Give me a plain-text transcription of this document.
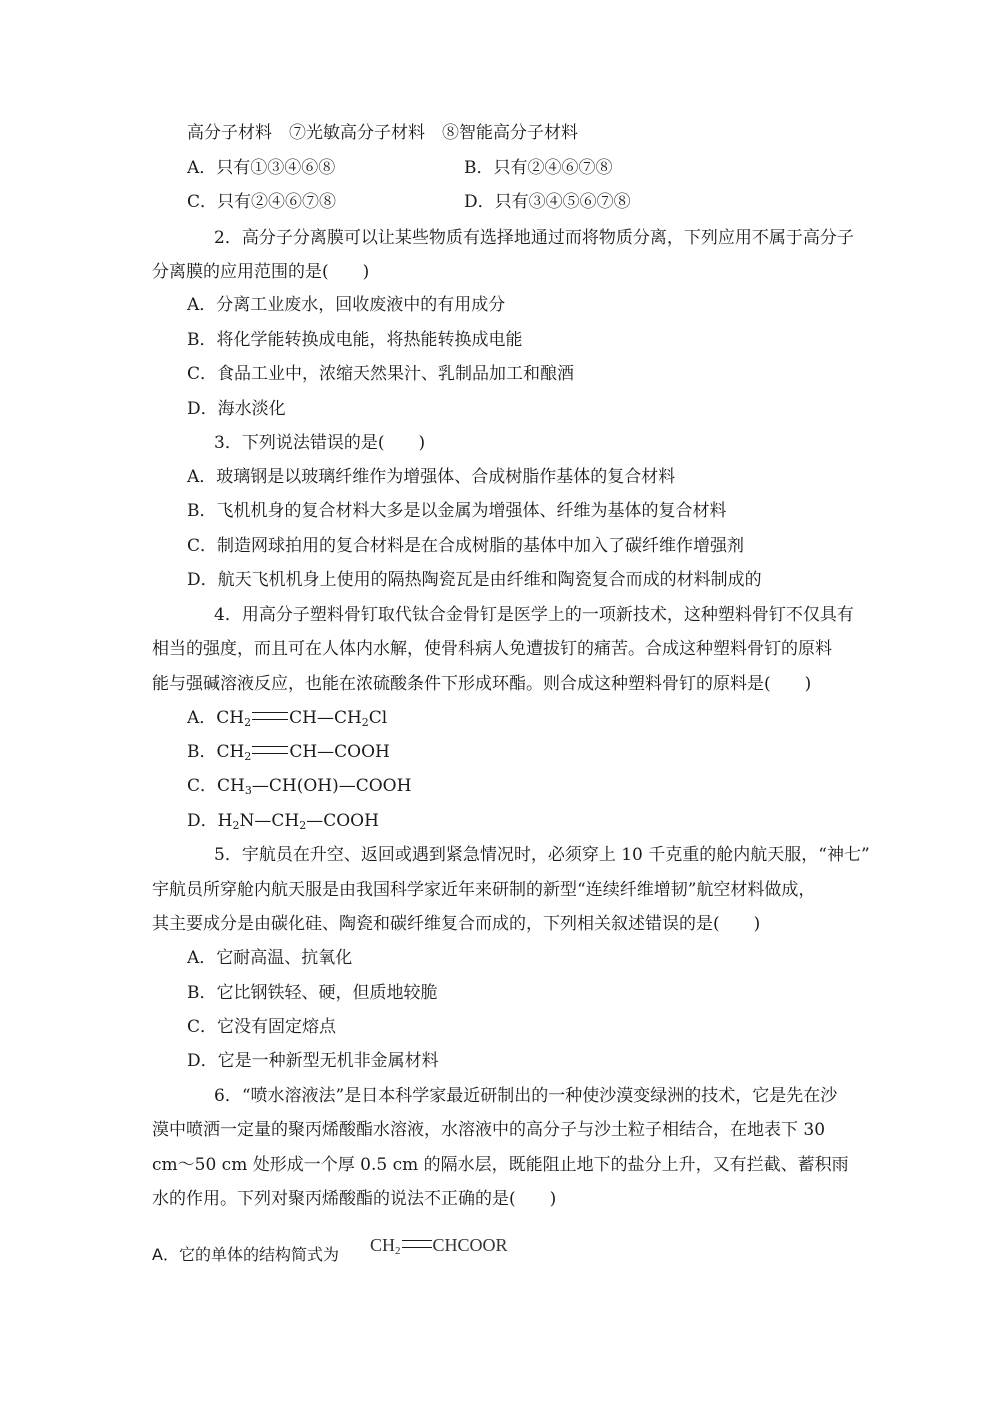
高分子材料　⑦光敏高分子材料　⑧智能高分子材料
A．只有①③④⑥⑧	B．只有②④⑥⑦⑧
C．只有②④⑥⑦⑧	D．只有③④⑤⑥⑦⑧
2．高分子分离膜可以让某些物质有选择地通过而将物质分离，下列应用不属于高分子
分离膜的应用范围的是(　　)
A．分离工业废水，回收废液中的有用成分
B．将化学能转换成电能，将热能转换成电能
C．食品工业中，浓缩天然果汁、乳制品加工和酿酒
D．海水淡化
3．下列说法错误的是(　　)
A．玻璃钢是以玻璃纤维作为增强体、合成树脂作基体的复合材料
B．飞机机身的复合材料大多是以金属为增强体、纤维为基体的复合材料
C．制造网球拍用的复合材料是在合成树脂的基体中加入了碳纤维作增强剂
D．航天飞机机身上使用的隔热陶瓷瓦是由纤维和陶瓷复合而成的材料制成的
4．用高分子塑料骨钉取代钛合金骨钉是医学上的一项新技术，这种塑料骨钉不仅具有
相当的强度，而且可在人体内水解，使骨科病人免遭拔钉的痛苦。合成这种塑料骨钉的原料
能与强碱溶液反应，也能在浓硫酸条件下形成环酯。则合成这种塑料骨钉的原料是(　　)
A．$CH_2$ $CH—CH_2Cl$
B．$CH_2$ CH—COOH
C．$CH_3—CH(OH)—COOH$
D．$H_2N—CH_2—COOH$
5．宇航员在升空、返回或遇到紧急情况时，必须穿上 10 千克重的舱内航天服，“神七”
宇航员所穿舱内航天服是由我国科学家近年来研制的新型“连续纤维增韧”航空材料做成，
其主要成分是由碳化硅、陶瓷和碳纤维复合而成的，下列相关叙述错误的是(　　)
A．它耐高温、抗氧化
B．它比钢铁轻、硬，但质地较脆
C．它没有固定熔点
D．它是一种新型无机非金属材料
6．“喷水溶液法”是日本科学家最近研制出的一种使沙漠变绿洲的技术，它是先在沙
漠中喷洒一定量的聚丙烯酸酯水溶液，水溶液中的高分子与沙土粒子相结合，在地表下 30
cm～50 cm 处形成一个厚 0.5 cm 的隔水层，既能阻止地下的盐分上升，又有拦截、蓄积雨
水的作用。下列对聚丙烯酸酯的说法不正确的是(　　)
A．它的单体的结构简式为 $CH_2$ CHCOOR
